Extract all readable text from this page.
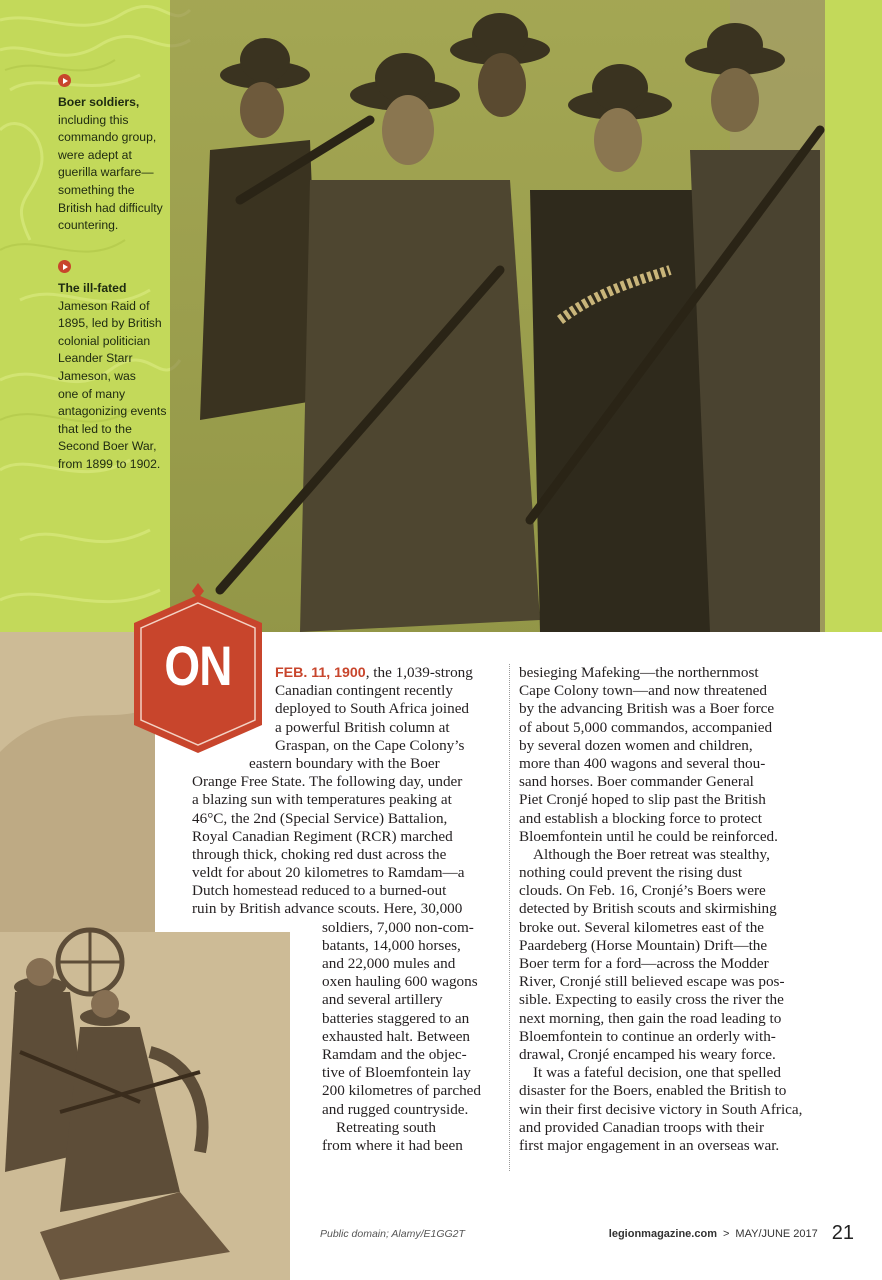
Boer soldiers,
including this
commando group,
were adept at
guerilla warfare—
something the
British had difficulty
countering.
The ill-fated
Jameson Raid of
1895, led by British
colonial politician
Leander Starr
Jameson, was
one of many
antagonizing events
that led to the
Second Boer War,
from 1899 to 1902.
ON	FEB. 11, 1900, the 1,039-strong
Canadian contingent recently
deployed to South Africa joined
a powerful British column at
Graspan, on the Cape Colony’s
eastern boundary with the Boer
Orange Free State. The following day, under
a blazing sun with temperatures peaking at
46°C, the 2nd (Special Service) Battalion,
Royal Canadian Regiment (RCR) marched
through thick, choking red dust across the
veldt for about 20 kilometres to Ramdam—a
Dutch homestead reduced to a burned-out
ruin by British advance scouts. Here, 30,000
soldiers, 7,000 non-com-
batants, 14,000 horses,
and 22,000 mules and
oxen hauling 600 wagons
and several artillery
batteries staggered to an
exhausted halt. Between
Ramdam and the objec-
tive of Bloemfontein lay
200 kilometres of parched
and rugged countryside.
Retreating south
from where it had been
besieging Mafeking—the northernmost
Cape Colony town—and now threatened
by the advancing British was a Boer force
of about 5,000 commandos, accompanied
by several dozen women and children,
more than 400 wagons and several thou-
sand horses. Boer commander General
Piet Cronjé hoped to slip past the British
and establish a blocking force to protect
Bloemfontein until he could be reinforced.
Although the Boer retreat was stealthy,
nothing could prevent the rising dust
clouds. On Feb. 16, Cronjé’s Boers were
detected by British scouts and skirmishing
broke out. Several kilometres east of the
Paardeberg (Horse Mountain) Drift—the
Boer term for a ford—across the Modder
River, Cronjé still believed escape was pos-
sible. Expecting to easily cross the river the
next morning, then gain the road leading to
Bloemfontein to continue an orderly with-
drawal, Cronjé encamped his weary force.
It was a fateful decision, one that spelled
disaster for the Boers, enabled the British to
win their first decisive victory in South Africa,
and provided Canadian troops with their
first major engagement in an overseas war.
Public domain; Alamy/E1GG2T	legionmagazine.com > MAY/JUNE 2017 21
